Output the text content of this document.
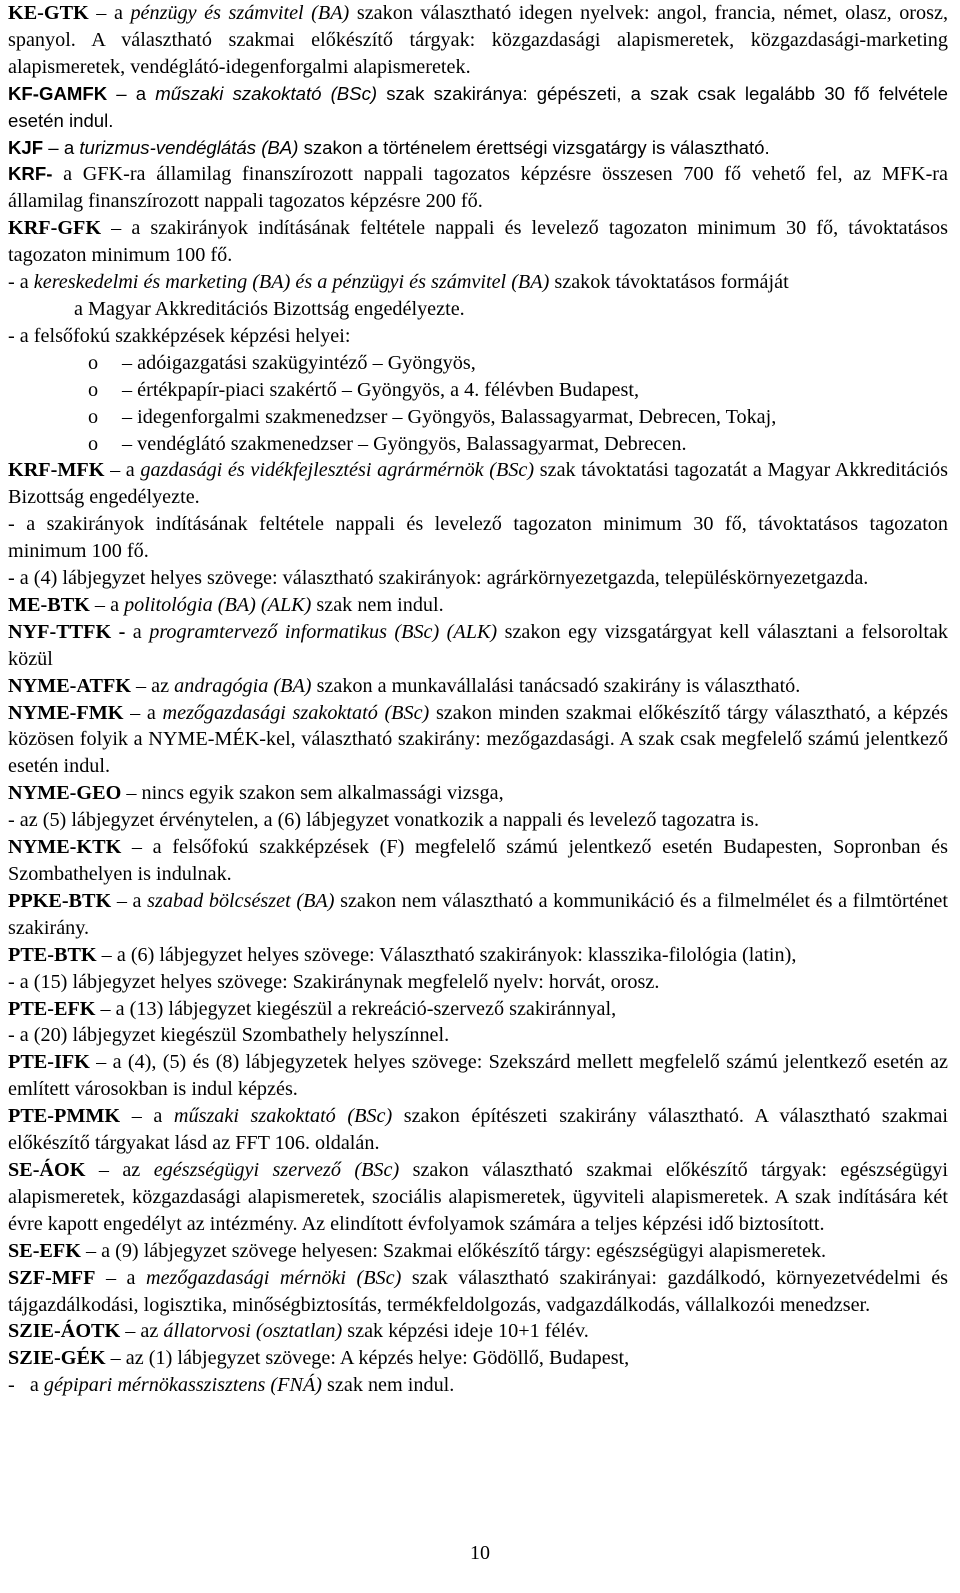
KE-GTK – a pénzügy és számvitel (BA) szakon választható idegen nyelvek: angol, francia, német, olasz, orosz, spanyol. A választható szakmai előkészítő tárgyak: közgazdasági alapismeretek, közgazdasági-marketing alapismeretek, vendéglátó-idegenforgalmi alapismeretek.

KF-GAMFK – a műszaki szakoktató (BSc) szak szakiránya: gépészeti, a szak csak legalább 30 fő felvétele esetén indul.

KJF – a turizmus-vendéglátás (BA) szakon a történelem érettségi vizsgatárgy is választható.

KRF- a GFK-ra államilag finanszírozott nappali tagozatos képzésre összesen 700 fő vehető fel, az MFK-ra államilag finanszírozott nappali tagozatos képzésre 200 fő.

KRF-GFK – a szakirányok indításának feltétele nappali és levelező tagozaton minimum 30 fő, távoktatásos tagozaton minimum 100 fő.

- a kereskedelmi és marketing (BA) és a pénzügyi és számvitel (BA) szakok távoktatásos formáját

a Magyar Akkreditációs Bizottság engedélyezte.

- a felsőfokú szakképzések képzési helyei:

o – adóigazgatási szakügyintéző – Gyöngyös,
o – értékpapír-piaci szakértő – Gyöngyös, a 4. félévben Budapest,
o – idegenforgalmi szakmenedzser – Gyöngyös, Balassagyarmat, Debrecen, Tokaj,
o – vendéglátó szakmenedzser – Gyöngyös, Balassagyarmat, Debrecen.

KRF-MFK – a gazdasági és vidékfejlesztési agrármérnök (BSc) szak távoktatási tagozatát a Magyar Akkreditációs Bizottság engedélyezte.

- a szakirányok indításának feltétele nappali és levelező tagozaton minimum 30 fő, távoktatásos tagozaton minimum 100 fő.

- a (4) lábjegyzet helyes szövege: választható szakirányok: agrárkörnyezetgazda, településkörnyezetgazda.

ME-BTK – a politológia (BA) (ALK) szak nem indul.

NYF-TTFK - a programtervező informatikus (BSc) (ALK) szakon egy vizsgatárgyat kell választani a felsoroltak közül

NYME-ATFK – az andragógia (BA) szakon a munkavállalási tanácsadó szakirány is választható.

NYME-FMK – a mezőgazdasági szakoktató (BSc) szakon minden szakmai előkészítő tárgy választható, a képzés közösen folyik a NYME-MÉK-kel, választható szakirány: mezőgazdasági. A szak csak megfelelő számú jelentkező esetén indul.

NYME-GEO – nincs egyik szakon sem alkalmassági vizsga,

- az (5) lábjegyzet érvénytelen, a (6) lábjegyzet vonatkozik a nappali és levelező tagozatra is.

NYME-KTK – a felsőfokú szakképzések (F) megfelelő számú jelentkező esetén Budapesten, Sopronban és Szombathelyen is indulnak.

PPKE-BTK – a szabad bölcsészet (BA) szakon nem választható a kommunikáció és a filmelmélet és a filmtörténet szakirány.

PTE-BTK – a (6) lábjegyzet helyes szövege: Választható szakirányok: klasszika-filológia (latin),

- a (15) lábjegyzet helyes szövege: Szakiránynak megfelelő nyelv: horvát, orosz.

PTE-EFK – a (13) lábjegyzet kiegészül a rekreáció-szervező szakiránnyal,

- a (20) lábjegyzet kiegészül Szombathely helyszínnel.

PTE-IFK – a (4), (5) és (8) lábjegyzetek helyes szövege: Szekszárd mellett megfelelő számú jelentkező esetén az említett városokban is indul képzés.

PTE-PMMK – a műszaki szakoktató (BSc) szakon építészeti szakirány választható. A választható szakmai előkészítő tárgyakat lásd az FFT 106. oldalán.

SE-ÁOK – az egészségügyi szervező (BSc) szakon választható szakmai előkészítő tárgyak: egészségügyi alapismeretek, közgazdasági alapismeretek, szociális alapismeretek, ügyviteli alapismeretek. A szak indítására két évre kapott engedélyt az intézmény. Az elindított évfolyamok számára a teljes képzési idő biztosított.

SE-EFK – a (9) lábjegyzet szövege helyesen: Szakmai előkészítő tárgy: egészségügyi alapismeretek.

SZF-MFF – a mezőgazdasági mérnöki (BSc) szak választható szakirányai: gazdálkodó, környezetvédelmi és tájgazdálkodási, logisztika, minőségbiztosítás, termékfeldolgozás, vadgazdálkodás, vállalkozói menedzser.

SZIE-ÁOTK – az állatorvosi (osztatlan) szak képzési ideje 10+1 félév.

SZIE-GÉK – az (1) lábjegyzet szövege: A képzés helye: Gödöllő, Budapest,

-   a gépipari mérnökasszisztens (FNÁ) szak nem indul.

10
